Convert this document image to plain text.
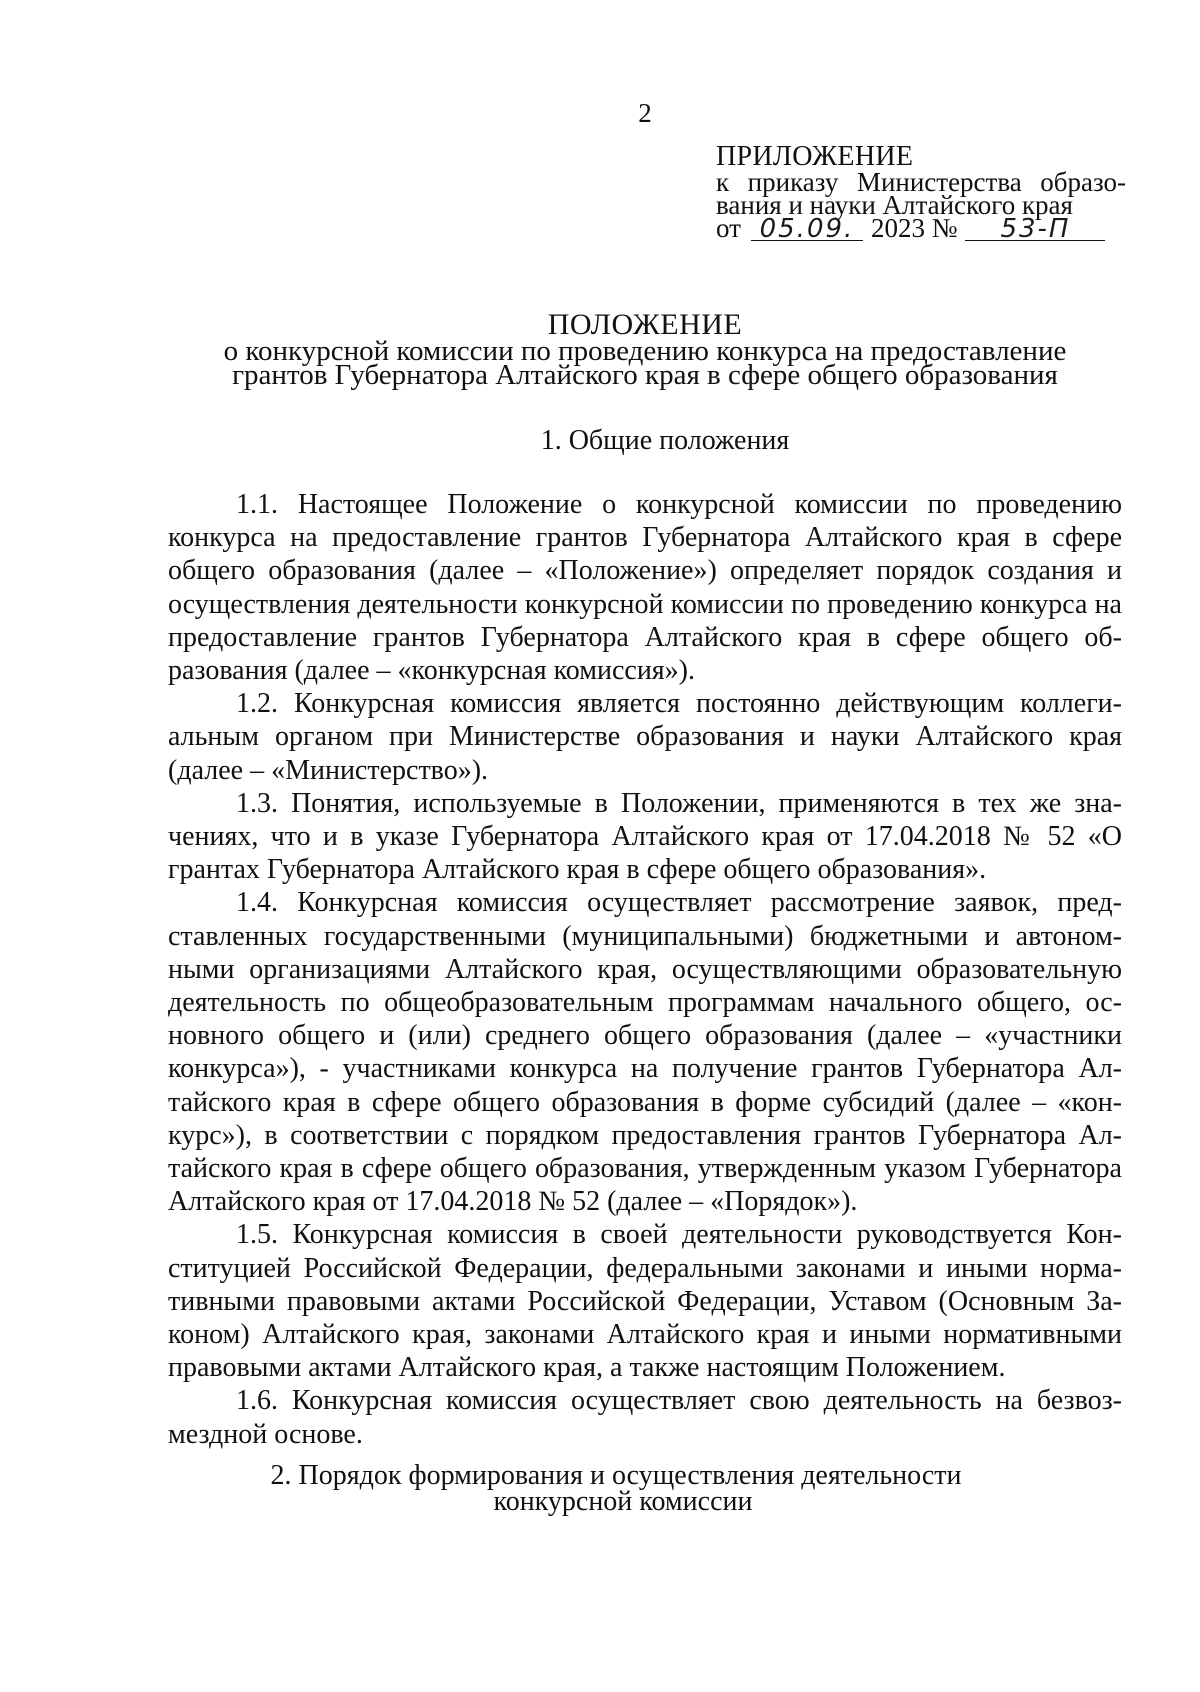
2
ПРИЛОЖЕНИЕ
к приказу Министерства образо-
вания и науки Алтайского края
от 05.09. 2023 №	53-П
ПОЛОЖЕНИЕ
о конкурсной комиссии по проведению конкурса на предоставление
грантов Губернатора Алтайского края в сфере общего образования
1. Общие положения

1.1. Настоящее Положение о конкурсной комиссии по проведению конкурса на предоставление грантов Губернатора Алтайского края в сфере общего образования (далее – «Положение») определяет порядок создания и осуществления деятельности конкурсной комиссии по проведению конкурса на предоставление грантов Губернатора Алтайского края в сфере общего образования (далее – «конкурсная комиссия»).

1.2. Конкурсная комиссия является постоянно действующим коллегиальным органом при Министерстве образования и науки Алтайского края (далее – «Министерство»).

1.3. Понятия, используемые в Положении, применяются в тех же значениях, что и в указе Губернатора Алтайского края от 17.04.2018 № 52 «О грантах Губернатора Алтайского края в сфере общего образования».

1.4. Конкурсная комиссия осуществляет рассмотрение заявок, представленных государственными (муниципальными) бюджетными и автономными организациями Алтайского края, осуществляющими образовательную деятельность по общеобразовательным программам начального общего, основного общего и (или) среднего общего образования (далее – «участники конкурса»), - участниками конкурса на получение грантов Губернатора Алтайского края в сфере общего образования в форме субсидий (далее – «конкурс»), в соответствии с порядком предоставления грантов Губернатора Алтайского края в сфере общего образования, утвержденным указом Губернатора Алтайского края от 17.04.2018 № 52 (далее – «Порядок»).

1.5. Конкурсная комиссия в своей деятельности руководствуется Конституцией Российской Федерации, федеральными законами и иными нормативными правовыми актами Российской Федерации, Уставом (Основным Законом) Алтайского края, законами Алтайского края и иными нормативными правовыми актами Алтайского края, а также настоящим Положением.

1.6. Конкурсная комиссия осуществляет свою деятельность на безвозмездной основе.

2. Порядок формирования и осуществления деятельности
конкурсной комиссии
